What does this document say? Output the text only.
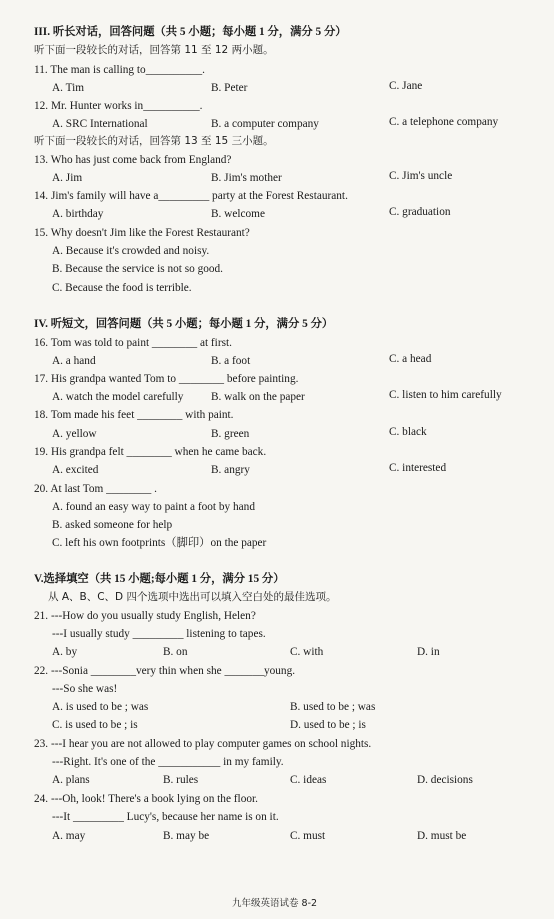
III. 听长对话，回答问题（共 5 小题；每小题 1 分，满分 5 分）
听下面一段较长的对话，回答第 11 至 12 两小题。
11. The man is calling to__________.
A. Tim	B. Peter	C. Jane
12. Mr. Hunter works in__________.
A. SRC International	B. a computer company	C. a telephone company
听下面一段较长的对话，回答第 13 至 15 三小题。
13. Who has just come back from England?
A. Jim	B. Jim's mother	C. Jim's uncle
14. Jim's family will have a_________ party at the Forest Restaurant.
A. birthday	B. welcome	C. graduation
15. Why doesn't Jim like the Forest Restaurant?
A. Because it's crowded and noisy.
B. Because the service is not so good.
C. Because the food is terrible.
IV. 听短文，回答问题（共 5 小题；每小题 1 分，满分 5 分）
16. Tom was told to paint ________ at first.
A. a hand	B. a foot	C. a head
17. His grandpa wanted Tom to ________ before painting.
A. watch the model carefully B. walk on the paper	C. listen to him carefully
18. Tom made his feet ________ with paint.
A. yellow	B. green	C. black
19. His grandpa felt ________ when he came back.
A. excited	B. angry	C. interested
20. At last Tom ________ .
A. found an easy way to paint a foot by hand
B. asked someone for help
C. left his own footprints（脚印）on the paper
V.选择填空（共 15 小题;每小题 1 分，满分 15 分）
从 A、B、C、D 四个选项中选出可以填入空白处的最佳选项。
21. ---How do you usually study English, Helen?
---I usually study _________ listening to tapes.
A. by	B. on	C. with	D. in
22. ---Sonia ________very thin when she _______young.
---So she was!
A. is used to be ; was	B. used to be ; was
C. is used to be ; is	D. used to be ; is
23. ---I hear you are not allowed to play computer games on school nights.
---Right. It's one of the ___________ in my family.
A. plans	B. rules	C. ideas	D. decisions
24. ---Oh, look! There's a book lying on the floor.
---It _________ Lucy's, because her name is on it.
A. may	B. may be	C. must	D. must be
九年级英语试卷 8-2
